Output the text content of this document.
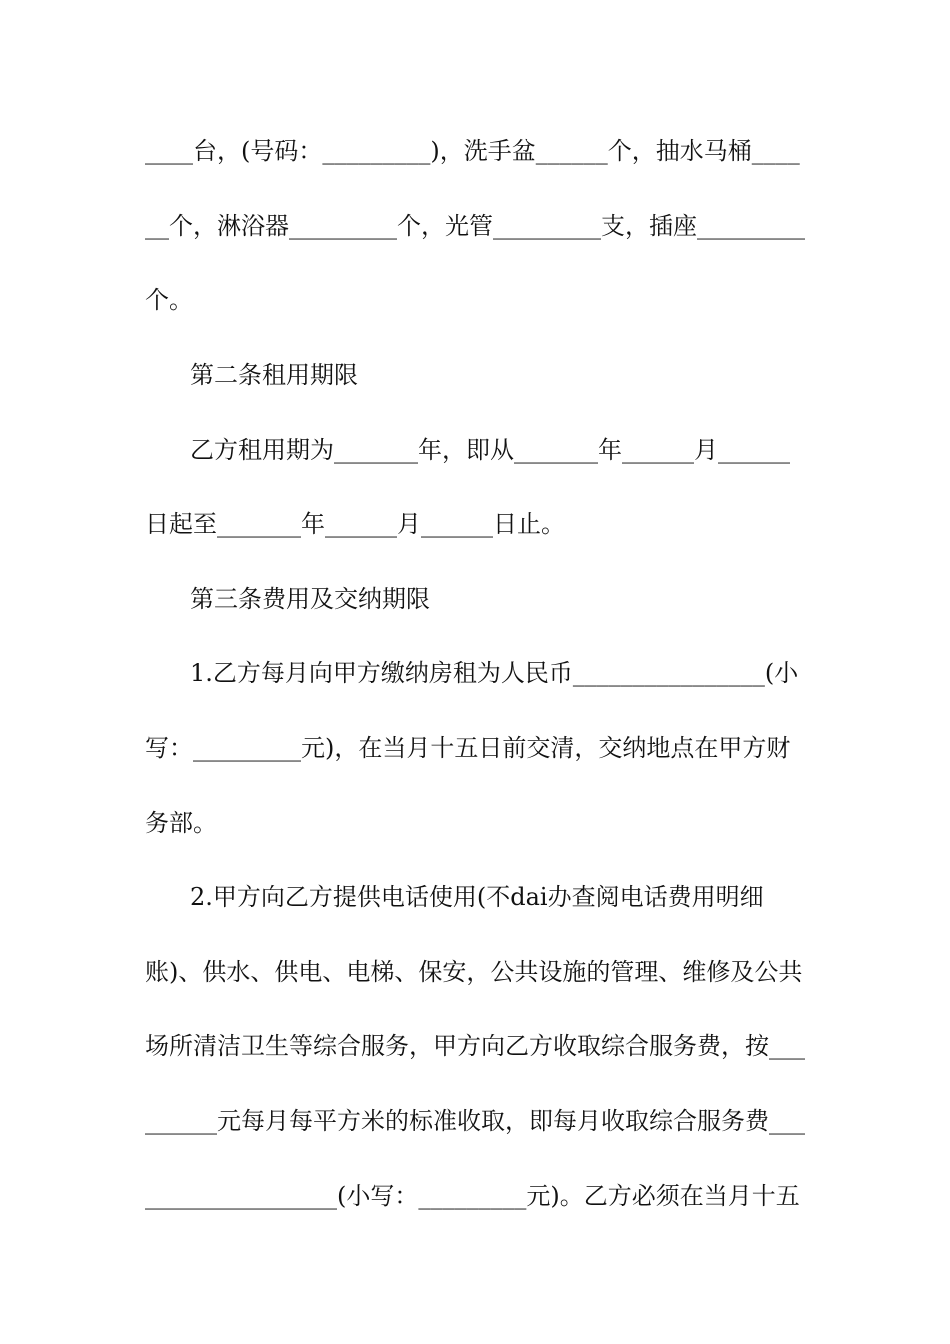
____台，(号码：_________)，洗手盆______个，抽水马桶____
__个，淋浴器_________个，光管_________支，插座_________
个。
第二条租用期限
乙方租用期为_______年，即从_______年______月______
日起至_______年______月______日止。
第三条费用及交纳期限
1.乙方每月向甲方缴纳房租为人民币________________(小
写：_________元)，在当月十五日前交清，交纳地点在甲方财
务部。
2.甲方向乙方提供电话使用(不dai办查阅电话费用明细
账)、供水、供电、电梯、保安，公共设施的管理、维修及公共
场所清洁卫生等综合服务，甲方向乙方收取综合服务费，按___
______元每月每平方米的标准收取，即每月收取综合服务费___
________________(小写：_________元)。乙方必须在当月十五
